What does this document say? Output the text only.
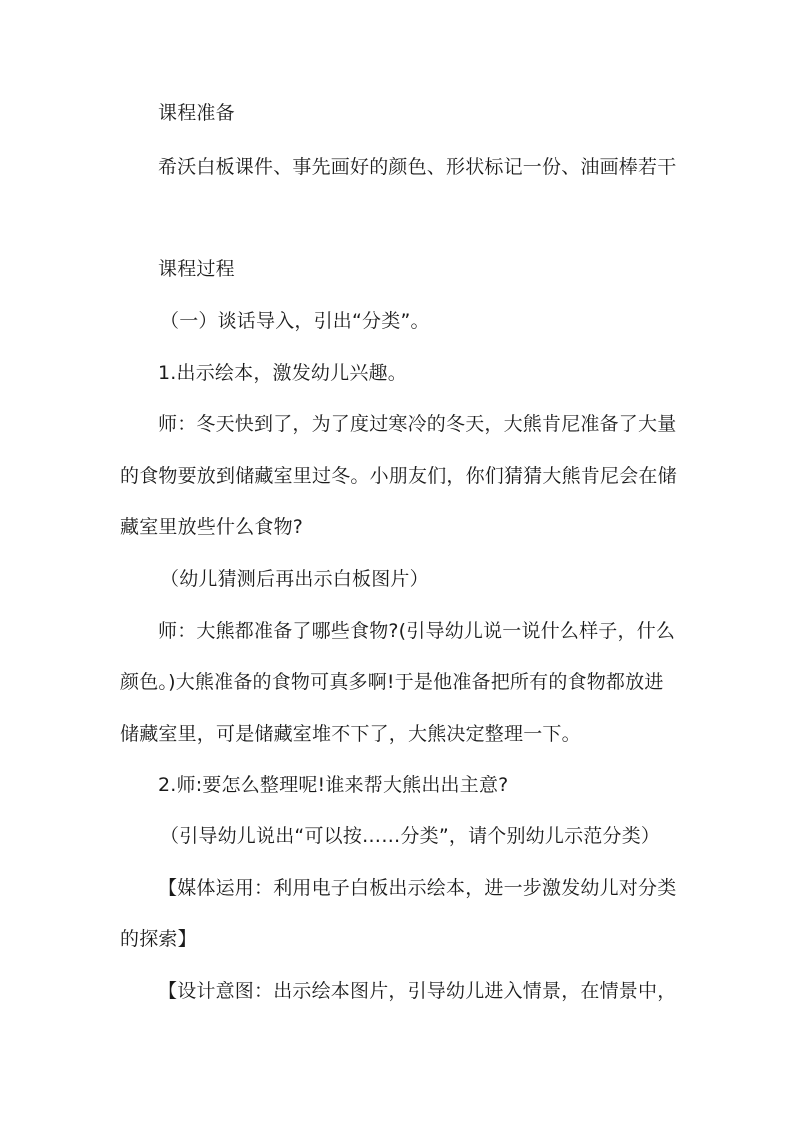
课程准备
希沃白板课件、事先画好的颜色、形状标记一份、油画棒若干
课程过程
（一）谈话导入，引出“分类”。
1.出示绘本，激发幼儿兴趣。
师：冬天快到了，为了度过寒冷的冬天，大熊肯尼准备了大量
的食物要放到储藏室里过冬。小朋友们，你们猜猜大熊肯尼会在储
藏室里放些什么食物?
（幼儿猜测后再出示白板图片）
师：大熊都准备了哪些食物?(引导幼儿说一说什么样子，什么
颜色。)大熊准备的食物可真多啊!于是他准备把所有的食物都放进
储藏室里，可是储藏室堆不下了，大熊决定整理一下。
2.师:要怎么整理呢!谁来帮大熊出出主意?
（引导幼儿说出“可以按……分类”，请个别幼儿示范分类）
【媒体运用：利用电子白板出示绘本，进一步激发幼儿对分类
的探索】
【设计意图：出示绘本图片，引导幼儿进入情景，在情景中，
